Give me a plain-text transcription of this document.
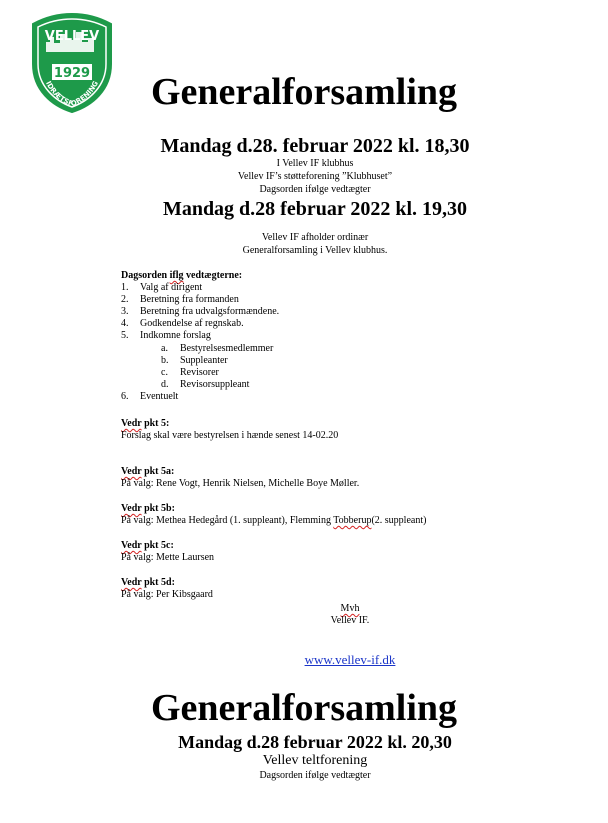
VELLEV
1929
IDRÆTSFORENING	Generalforsamling
Mandag d.28. februar 2022 kl. 18,30
I Vellev IF klubhus
Vellev IF’s støtteforening ”Klubhuset”
Dagsorden ifølge vedtægter
Mandag d.28 februar 2022 kl. 19,30
Vellev IF afholder ordinær
Generalforsamling i Vellev klubhus.
Dagsorden iflg vedtægterne:
1. Valg af dirigent
2. Beretning fra formanden
3. Beretning fra udvalgsformændene.
4. Godkendelse af regnskab.
5. Indkomne forslag
a. Bestyrelsesmedlemmer
b. Suppleanter
c. Revisorer
d. Revisorsuppleant
6. Eventuelt
Vedr pkt 5:
Forslag skal være bestyrelsen i hænde senest 14-02.20
Vedr pkt 5a:
På valg: Rene Vogt, Henrik Nielsen, Michelle Boye Møller.
Vedr pkt 5b:
På valg: Methea Hedegård (1. suppleant), Flemming Tobberup(2. suppleant)
Vedr pkt 5c:
På valg: Mette Laursen
Vedr pkt 5d:
På valg: Per Kibsgaard
Mvh
Vellev IF.
www.vellev-if.dk
Generalforsamling
Mandag d.28 februar 2022 kl. 20,30
Vellev teltforening
Dagsorden ifølge vedtægter
